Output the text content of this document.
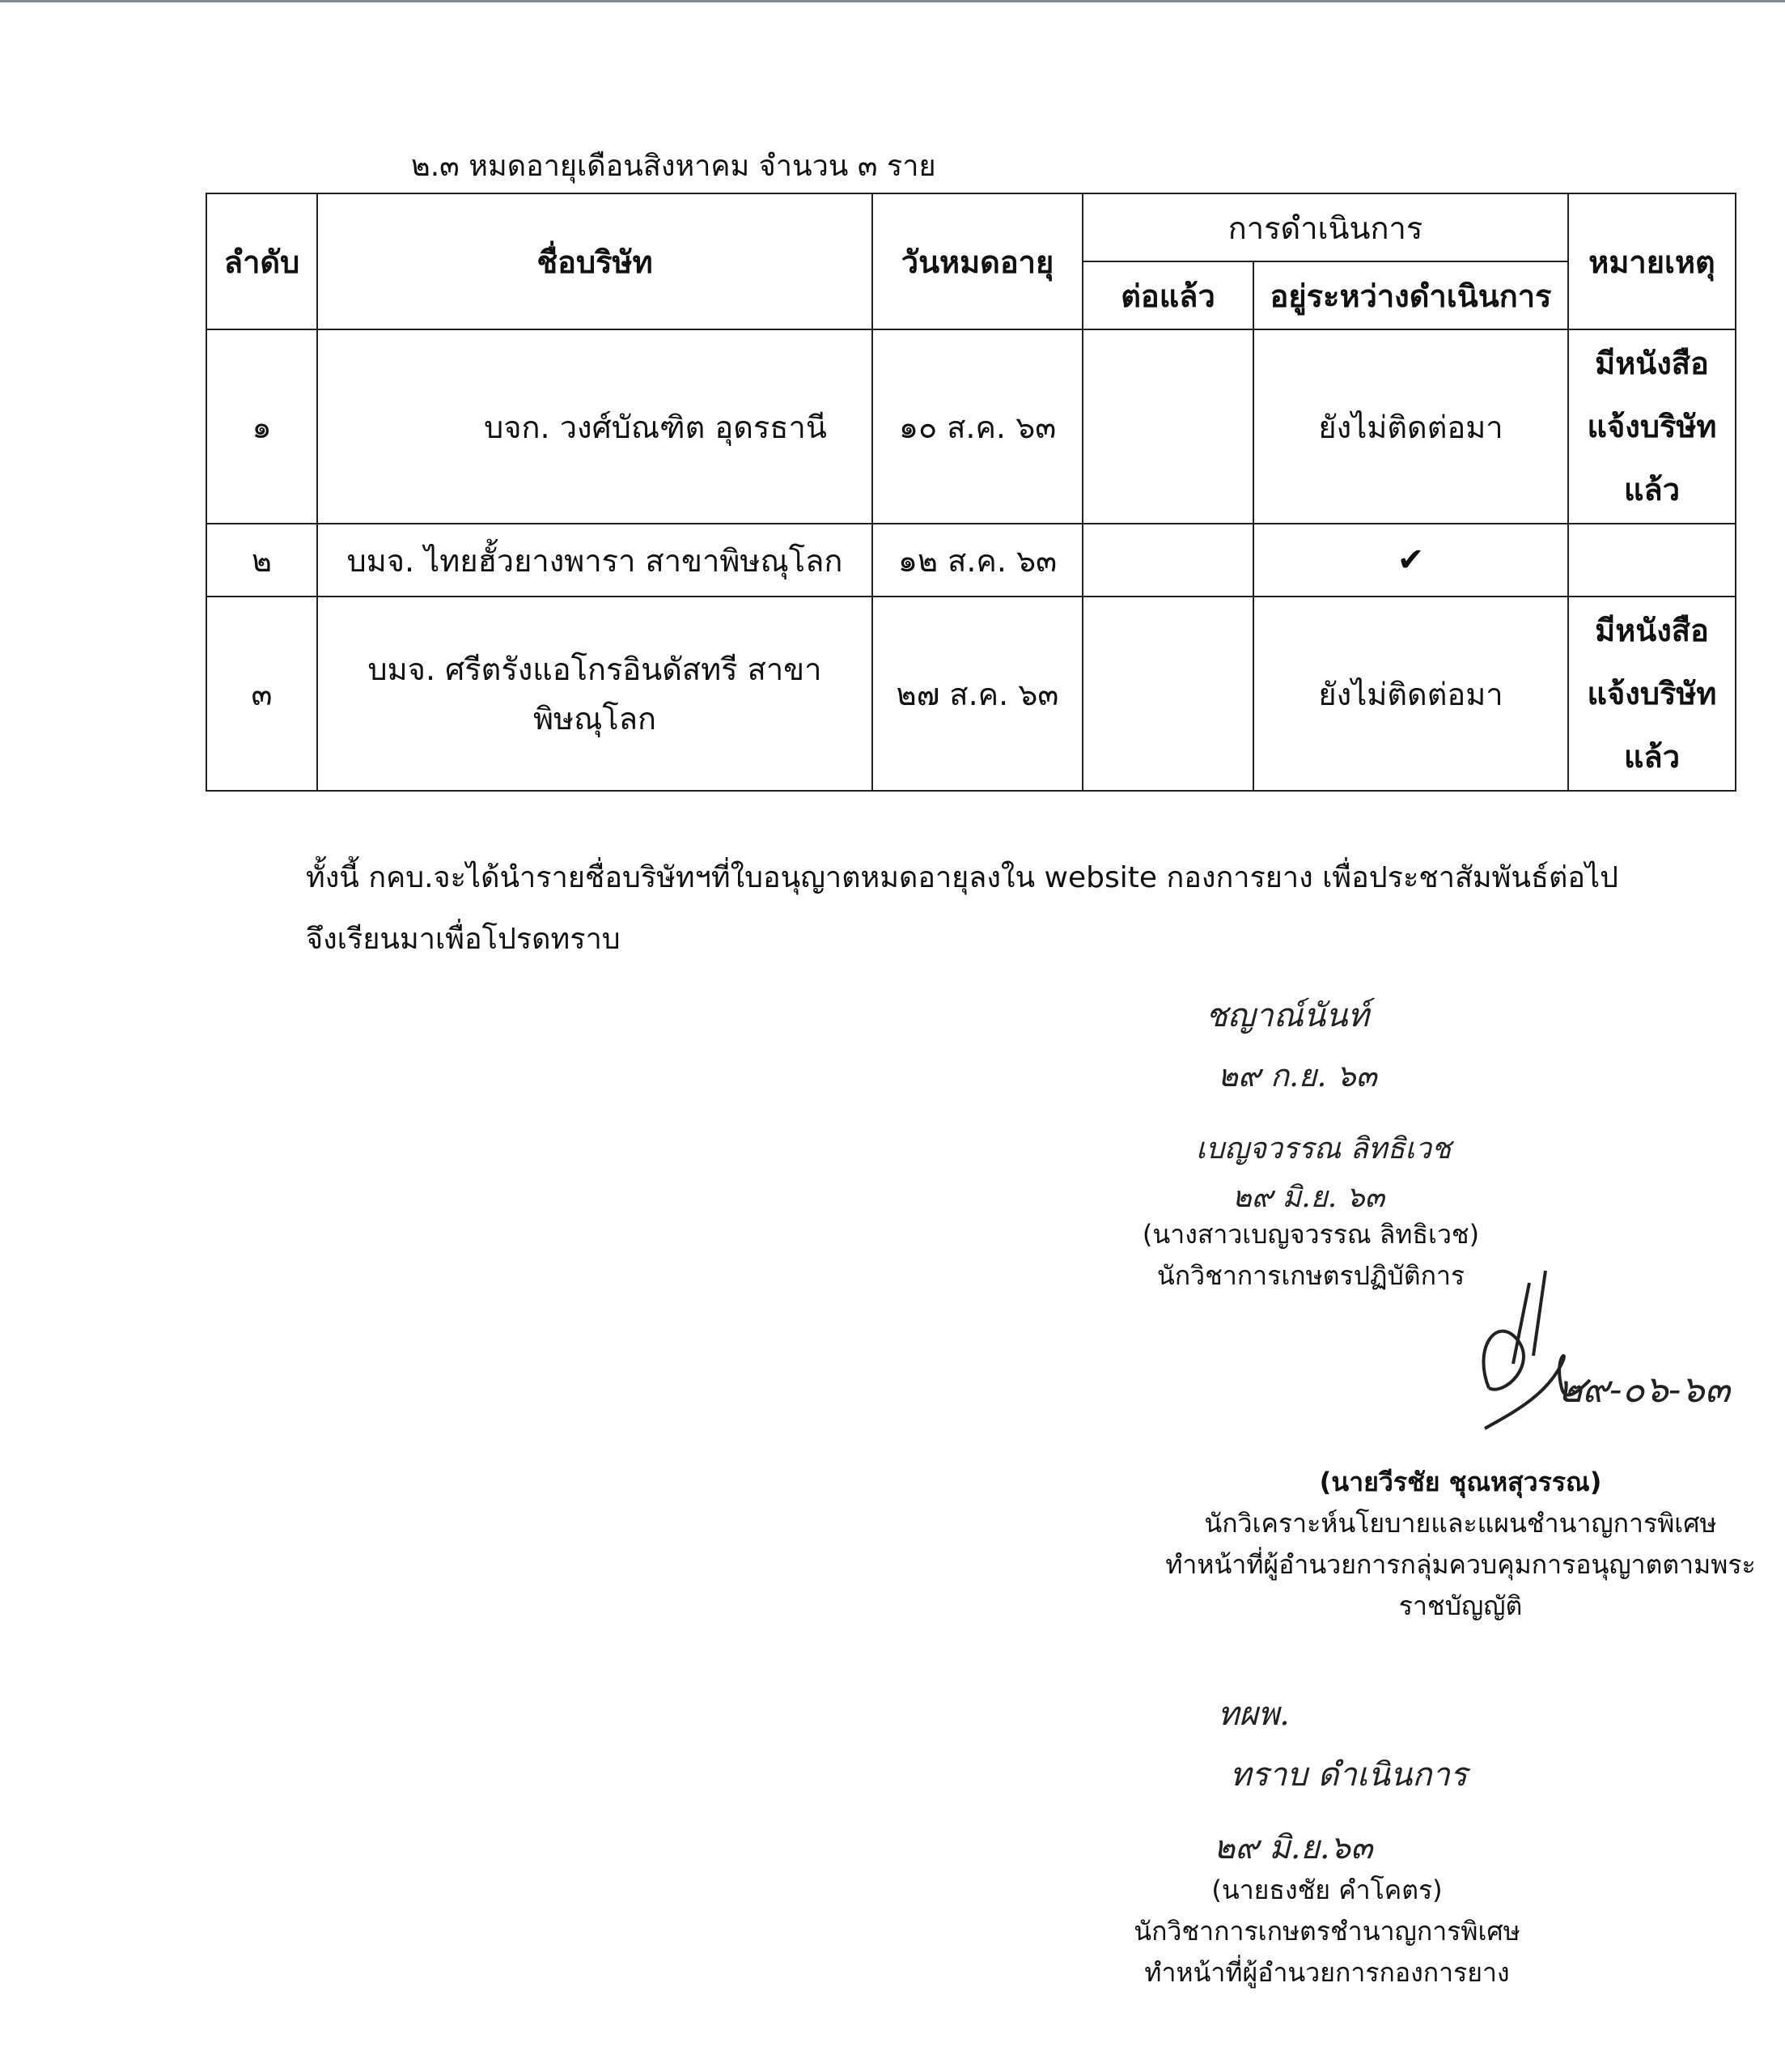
๒.๓ หมดอายุเดือนสิงหาคม จำนวน ๓ ราย
ลำดับ	ชื่อบริษัท	วันหมดอายุ	การดำเนินการ		หมายเหตุ
			ต่อแล้ว	อยู่ระหว่างดำเนินการ	
๑	บจก. วงศ์บัณฑิต อุดรธานี	๑๐ ส.ค. ๖๓		ยังไม่ติดต่อมา	มีหนังสือ
แจ้งบริษัท
แล้ว

๒	บมจ. ไทยฮั้วยางพารา สาขาพิษณุโลก	๑๒ ส.ค. ๖๓		✔	
๓	บมจ. ศรีตรังแอโกรอินดัสทรี สาขาพิษณุโลก	๒๗ ส.ค. ๖๓		ยังไม่ติดต่อมา	มีหนังสือ
แจ้งบริษัท
แล้ว
ทั้งนี้ กคบ.จะได้นำรายชื่อบริษัทฯที่ใบอนุญาตหมดอายุลงใน website กองการยาง เพื่อประชาสัมพันธ์ต่อไป
จึงเรียนมาเพื่อโปรดทราบ
ชญาณ์นันท์
๒๙ ก.ย. ๖๓
เบญจวรรณ ลิทธิเวช
๒๙ มิ.ย. ๖๓
(นางสาวเบญจวรรณ ลิทธิเวช)
นักวิชาการเกษตรปฏิบัติการ
๒๙-๐๖-๖๓
(นายวีรชัย ชุณหสุวรรณ)
นักวิเคราะห์นโยบายและแผนชำนาญการพิเศษ
ทำหน้าที่ผู้อำนวยการกลุ่มควบคุมการอนุญาตตามพระราชบัญญัติ
ทผพ.
ทราบ ดำเนินการ
๒๙ มิ.ย.๖๓
(นายธงชัย คำโคตร)
นักวิชาการเกษตรชำนาญการพิเศษ
ทำหน้าที่ผู้อำนวยการกองการยาง
